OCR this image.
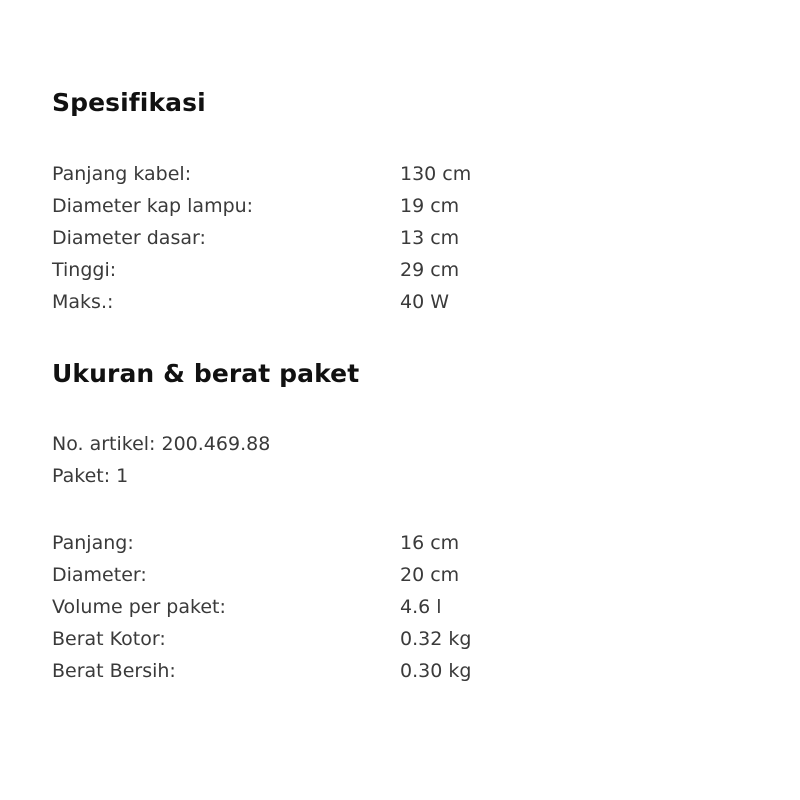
Spesifikasi
Panjang kabel:	130 cm
Diameter kap lampu:	19 cm
Diameter dasar:	13 cm
Tinggi:	29 cm
Maks.:	40 W
Ukuran & berat paket
No. artikel: 200.469.88
Paket: 1
Panjang:	16 cm
Diameter:	20 cm
Volume per paket:	4.6 l
Berat Kotor:	0.32 kg
Berat Bersih:	0.30 kg
